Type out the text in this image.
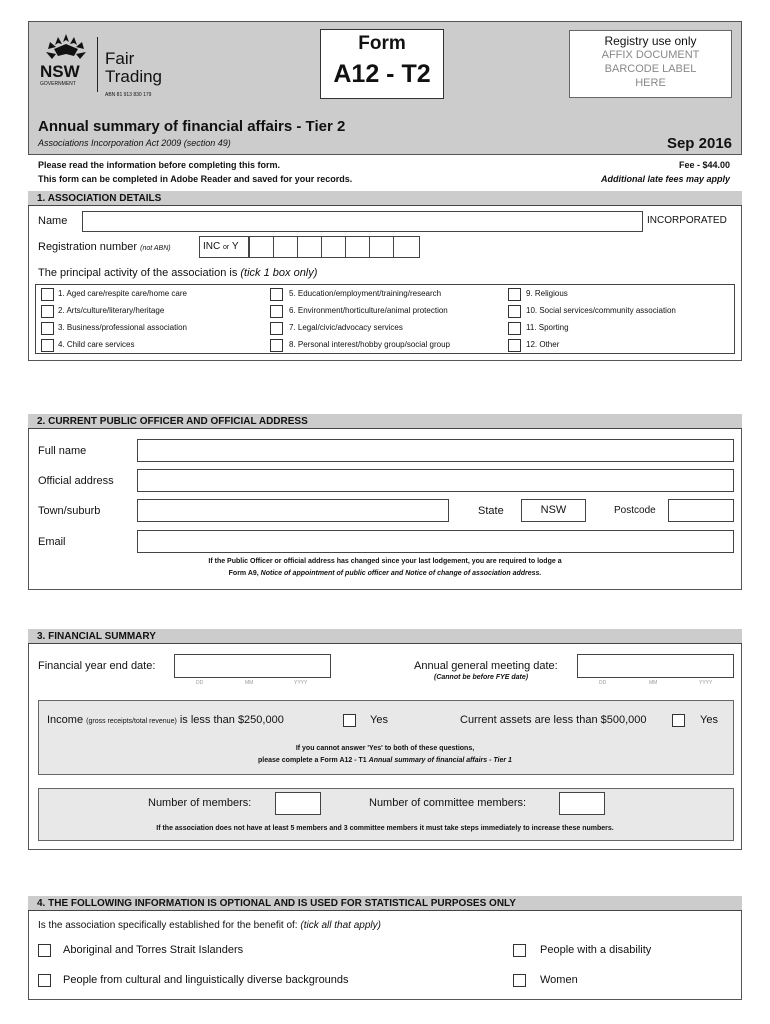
NSW
GOVERNMENT
Fair
Trading
ABN 81 913 830 179
Form
A12 - T2
Registry use only
AFFIX DOCUMENT
BARCODE LABEL
HERE
Annual summary of financial affairs - Tier 2
Associations Incorporation Act 2009 (section 49)	Sep 2016
Please read the information before completing this form.
This form can be completed in Adobe Reader and saved for your records.
Fee - $44.00
Additional late fees may apply
1. ASSOCIATION DETAILS
Name	INCORPORATED
Registration number (not ABN)	INC or Y
The principal activity of the association is (tick 1 box only)
1. Aged care/respite care/home care
2. Arts/culture/literary/heritage
3. Business/professional association
4. Child care services
5. Education/employment/training/research
6. Environment/horticulture/animal protection
7. Legal/civic/advocacy services
8. Personal interest/hobby group/social group
9. Religious
10. Social services/community association
11. Sporting
12. Other
2. CURRENT PUBLIC OFFICER AND OFFICIAL ADDRESS
Full name
Official address
Town/suburb	State	NSW	Postcode
Email
If the Public Officer or official address has changed since your last lodgement, you are required to lodge a
Form A9, Notice of appointment of public officer and Notice of change of association address.
3. FINANCIAL SUMMARY
Financial year end date:
DD	MM	YYYY
Annual general meeting date:
(Cannot be before FYE date)
DD	MM	YYYY
Income (gross receipts/total revenue) is less than $250,000	Yes	Current assets are less than $500,000	Yes
If you cannot answer 'Yes' to both of these questions,
please complete a Form A12 - T1 Annual summary of financial affairs - Tier 1
Number of members:	Number of committee members:
If the association does not have at least 5 members and 3 committee members it must take steps immediately to increase these numbers.
4. THE FOLLOWING INFORMATION IS OPTIONAL AND IS USED FOR STATISTICAL PURPOSES ONLY
Is the association specifically established for the benefit of: (tick all that apply)
Aboriginal and Torres Strait Islanders	People with a disability
People from cultural and linguistically diverse backgrounds	Women
